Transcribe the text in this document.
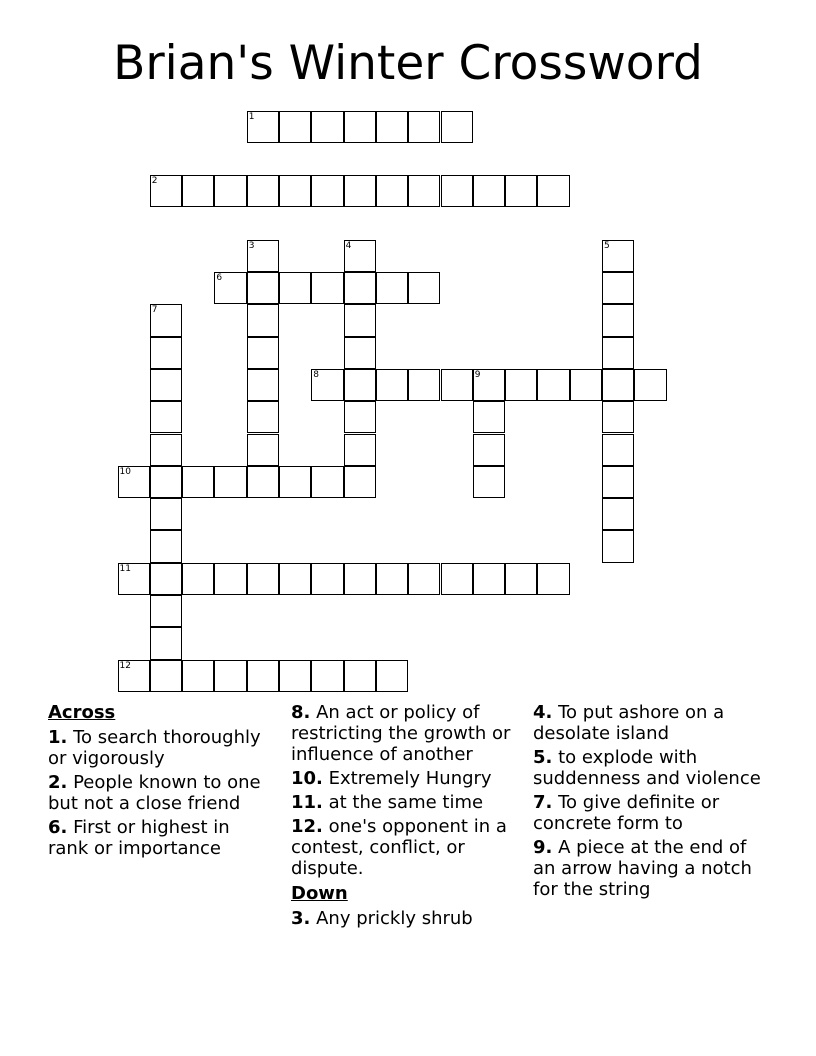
Brian's Winter Crossword
1
2
3	4	5
6
7
8	9
10
11
12
Across
1. To search thoroughly or vigorously
2. People known to one but not a close friend
6. First or highest in rank or importance
8. An act or policy of restricting the growth or influence of another
10. Extremely Hungry
11. at the same time
12. one's opponent in a contest, conflict, or dispute.
Down
3. Any prickly shrub
4. To put ashore on a desolate island
5. to explode with suddenness and violence
7. To give definite or concrete form to
9. A piece at the end of an arrow having a notch for the string
